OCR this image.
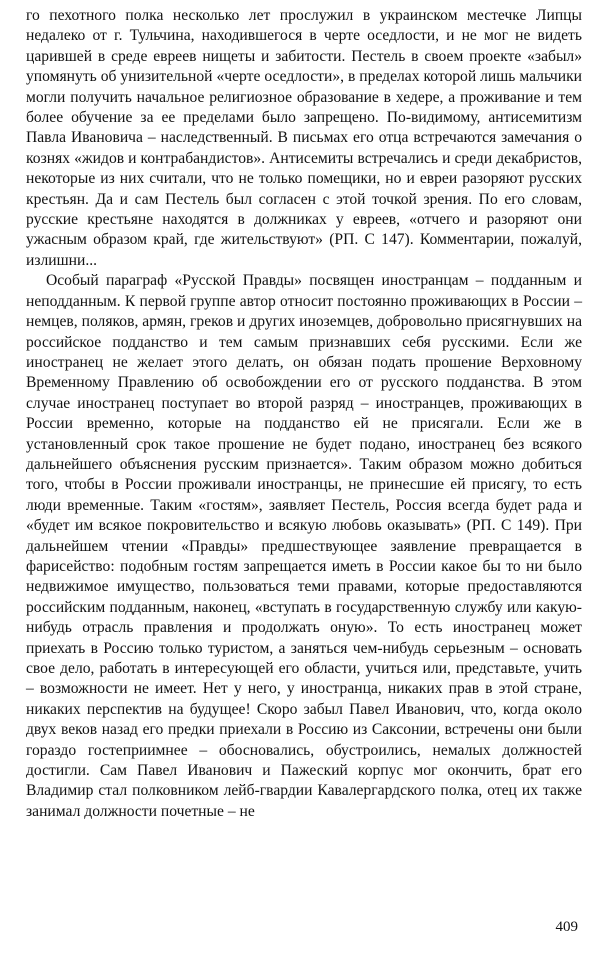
го пехотного полка несколько лет прослужил в украинском местечке Липцы недалеко от г. Тульчина, находившегося в черте оседлости, и не мог не видеть царившей в среде евреев нищеты и забитости. Пестель в своем проекте «забыл» упомянуть об унизительной «черте оседлости», в пределах которой лишь мальчики могли получить начальное религиозное образование в хедере, а проживание и тем более обучение за ее пределами было запрещено. По-видимому, антисемитизм Павла Ивановича – наследственный. В письмах его отца встречаются замечания о кознях «жидов и контрабандистов». Антисемиты встречались и среди декабристов, некоторые из них считали, что не только помещики, но и евреи разоряют русских крестьян. Да и сам Пестель был согласен с этой точкой зрения. По его словам, русские крестьяне находятся в должниках у евреев, «отчего и разоряют они ужасным образом край, где жительствуют» (РП. С 147). Комментарии, пожалуй, излишни...

Особый параграф «Русской Правды» посвящен иностранцам – подданным и неподданным. К первой группе автор относит постоянно проживающих в России – немцев, поляков, армян, греков и других иноземцев, добровольно присягнувших на российское подданство и тем самым признавших себя русскими. Если же иностранец не желает этого делать, он обязан подать прошение Верховному Временному Правлению об освобождении его от русского подданства. В этом случае иностранец поступает во второй разряд – иностранцев, проживающих в России временно, которые на подданство ей не присягали. Если же в установленный срок такое прошение не будет подано, иностранец без всякого дальнейшего объяснения русским признается». Таким образом можно добиться того, чтобы в России проживали иностранцы, не принесшие ей присягу, то есть люди временные. Таким «гостям», заявляет Пестель, Россия всегда будет рада и «будет им всякое покровительство и всякую любовь оказывать» (РП. С 149). При дальнейшем чтении «Правды» предшествующее заявление превращается в фарисейство: подобным гостям запрещается иметь в России какое бы то ни было недвижимое имущество, пользоваться теми правами, которые предоставляются российским подданным, наконец, «вступать в государственную службу или какую-нибудь отрасль правления и продолжать оную». То есть иностранец может приехать в Россию только туристом, а заняться чем-нибудь серьезным – основать свое дело, работать в интересующей его области, учиться или, представьте, учить – возможности не имеет. Нет у него, у иностранца, никаких прав в этой стране, никаких перспектив на будущее! Скоро забыл Павел Иванович, что, когда около двух веков назад его предки приехали в Россию из Саксонии, встречены они были гораздо гостеприимнее – обосновались, обустроились, немалых должностей достигли. Сам Павел Иванович и Пажеский корпус мог окончить, брат его Владимир стал полковником лейб-гвардии Кавалергардского полка, отец их также занимал должности почетные – не

409
